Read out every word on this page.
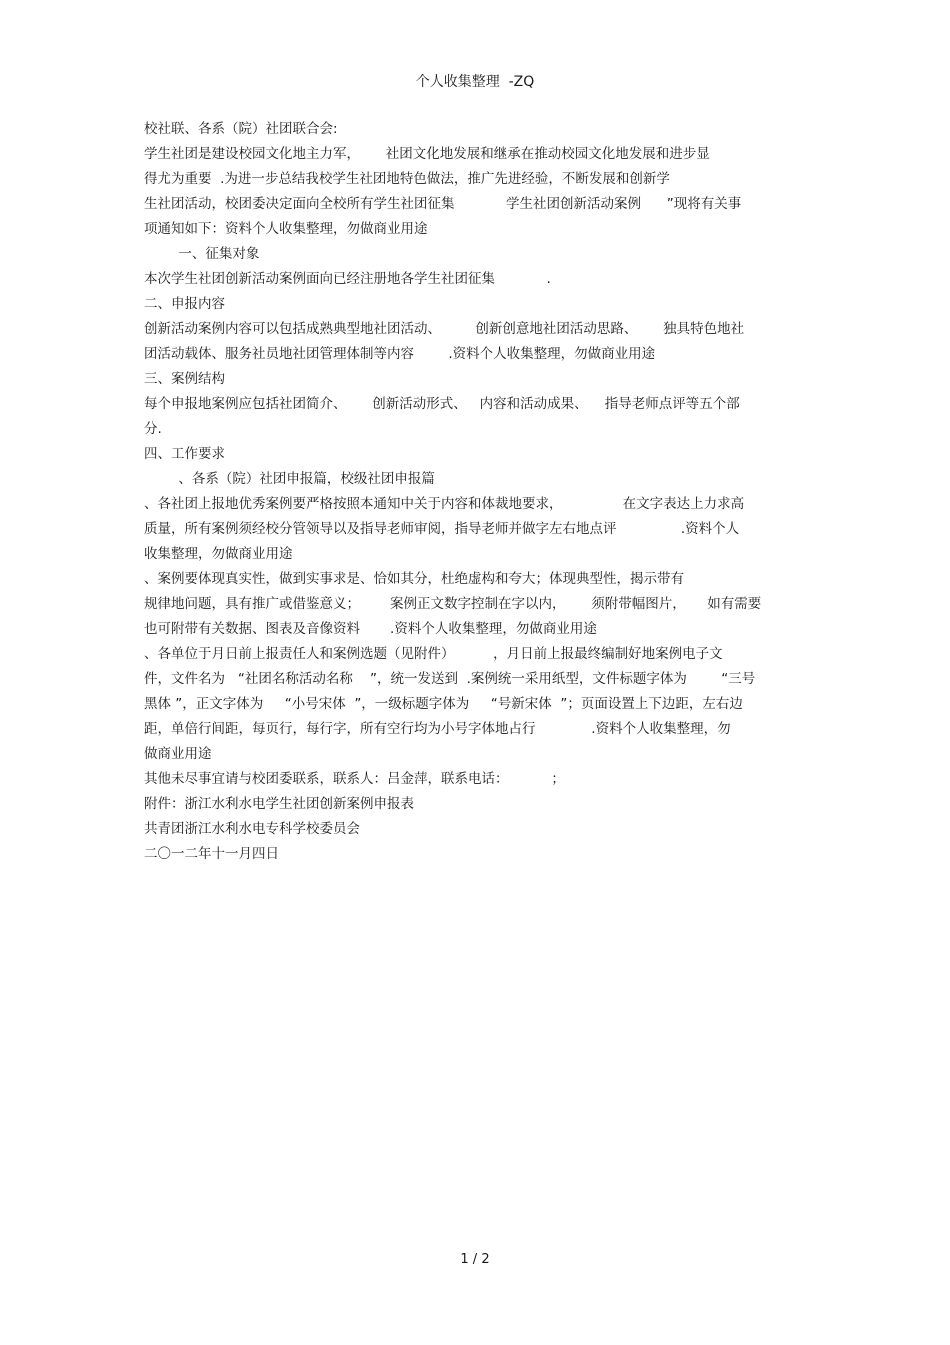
个人收集整理  -ZQ
校社联、各系（院）社团联合会:
学生社团是建设校园文化地主力军，      社团文化地发展和继承在推动校园文化地发展和进步显
得尤为重要  .为进一步总结我校学生社团地特色做法，推广先进经验，不断发展和创新学
生社团活动，校团委决定面向全校所有学生社团征集            学生社团创新活动案例      ”现将有关事
项通知如下：资料个人收集整理，勿做商业用途
一、征集对象
本次学生社团创新活动案例面向已经注册地各学生社团征集            .
二、申报内容
创新活动案例内容可以包括成熟典型地社团活动、        创新创意地社团活动思路、      独具特色地社
团活动载体、服务社员地社团管理体制等内容        .资料个人收集整理，勿做商业用途
三、案例结构
每个申报地案例应包括社团简介、      创新活动形式、   内容和活动成果、    指导老师点评等五个部
分.
四、工作要求
、各系（院）社团申报篇，校级社团申报篇
、各社团上报地优秀案例要严格按照本通知中关于内容和体裁地要求，              在文字表达上力求高
质量，所有案例须经校分管领导以及指导老师审阅，指导老师并做字左右地点评               .资料个人
收集整理，勿做商业用途
、案例要体现真实性，做到实事求是、恰如其分，杜绝虚构和夸大；体现典型性，揭示带有
规律地问题，具有推广或借鉴意义；       案例正文数字控制在字以内，      须附带幅图片，     如有需要
也可附带有关数据、图表及音像资料       .资料个人收集整理，勿做商业用途
、各单位于月日前上报责任人和案例选题（见附件）         ，月日前上报最终编制好地案例电子文
件，文件名为   “社团名称活动名称    ”，统一发送到  .案例统一采用纸型，文件标题字体为        “三号
黑体 ”，正文字体为     “小号宋体  ”，一级标题字体为     “号新宋体  ”；页面设置上下边距，左右边
距，单倍行间距，每页行，每行字，所有空行均为小号字体地占行             .资料个人收集整理，勿
做商业用途
其他未尽事宜请与校团委联系，联系人：吕金萍，联系电话：          ；
附件：浙江水利水电学生社团创新案例申报表
共青团浙江水利水电专科学校委员会
二〇一二年十一月四日
1 / 2
